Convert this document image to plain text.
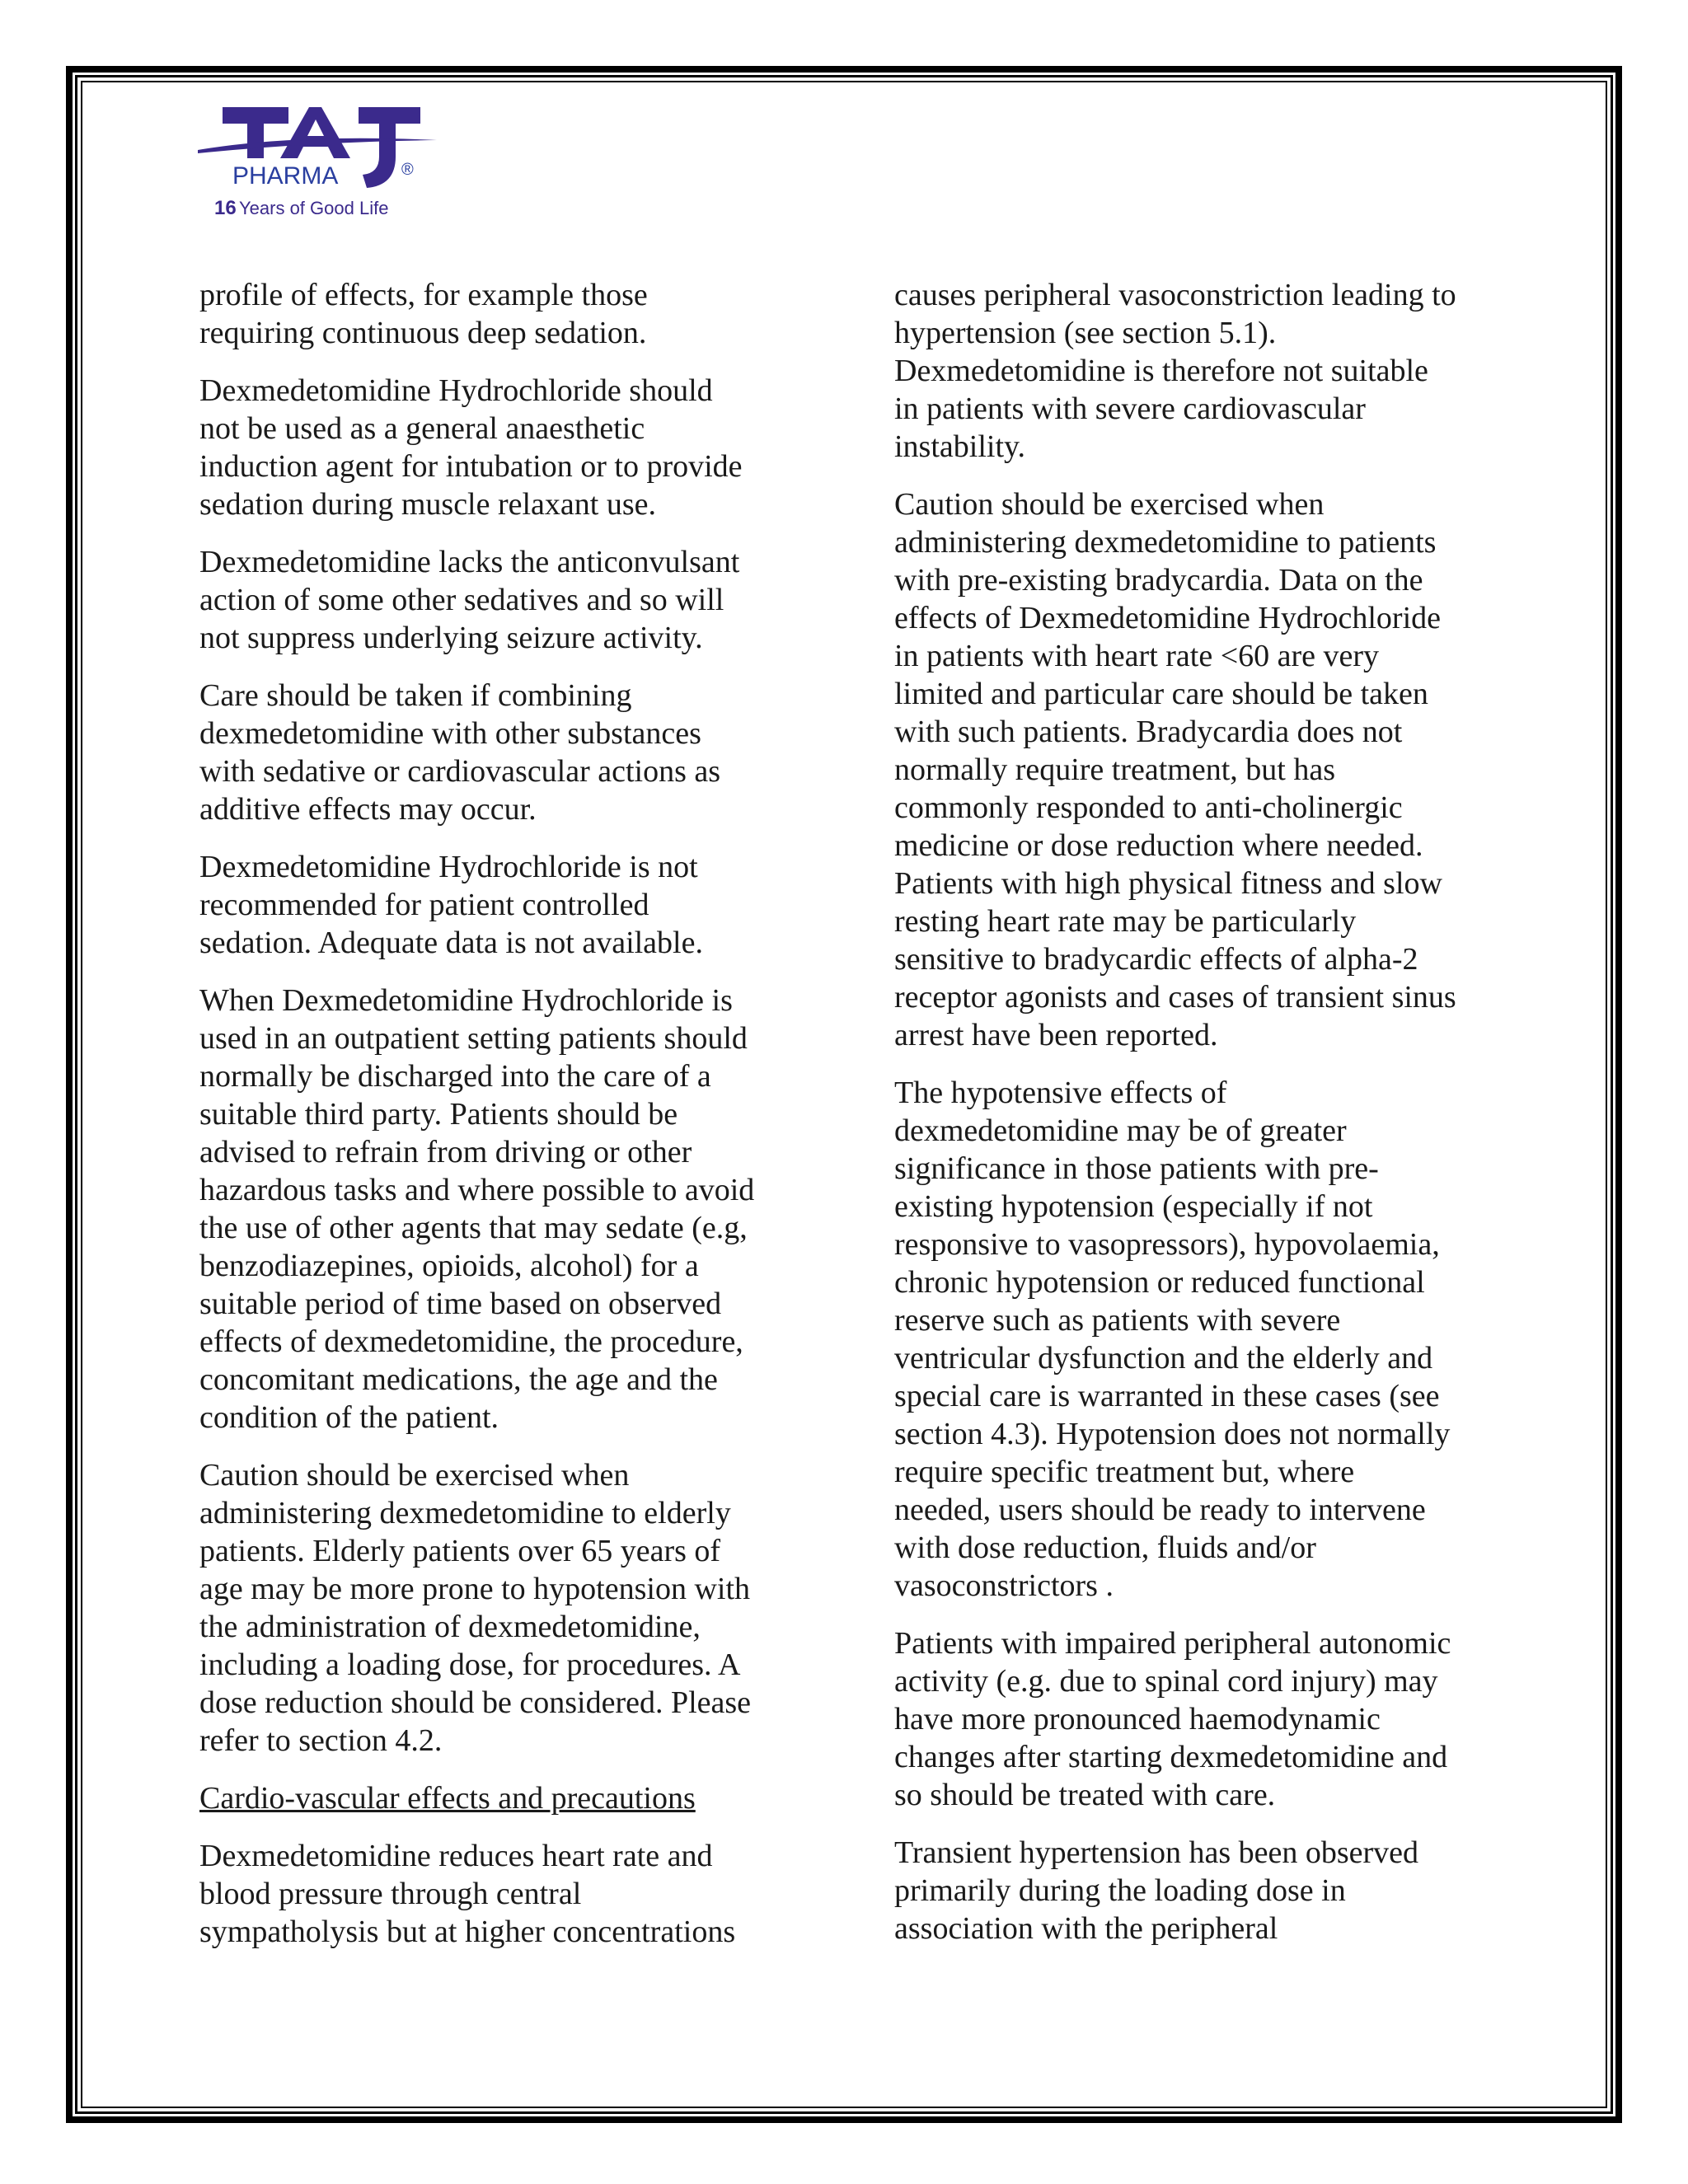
PHARMA	®
16 Years of Good Life

profile of effects, for example those
requiring continuous deep sedation.

Dexmedetomidine Hydrochloride should
not be used as a general anaesthetic
induction agent for intubation or to provide
sedation during muscle relaxant use.

Dexmedetomidine lacks the anticonvulsant
action of some other sedatives and so will
not suppress underlying seizure activity.

Care should be taken if combining
dexmedetomidine with other substances
with sedative or cardiovascular actions as
additive effects may occur.

Dexmedetomidine Hydrochloride is not
recommended for patient controlled
sedation. Adequate data is not available.

When Dexmedetomidine Hydrochloride is
used in an outpatient setting patients should
normally be discharged into the care of a
suitable third party. Patients should be
advised to refrain from driving or other
hazardous tasks and where possible to avoid
the use of other agents that may sedate (e.g,
benzodiazepines, opioids, alcohol) for a
suitable period of time based on observed
effects of dexmedetomidine, the procedure,
concomitant medications, the age and the
condition of the patient.

Caution should be exercised when
administering dexmedetomidine to elderly
patients. Elderly patients over 65 years of
age may be more prone to hypotension with
the administration of dexmedetomidine,
including a loading dose, for procedures. A
dose reduction should be considered. Please
refer to section 4.2.

Cardio-vascular effects and precautions

Dexmedetomidine reduces heart rate and
blood pressure through central
sympatholysis but at higher concentrations

causes peripheral vasoconstriction leading to
hypertension (see section 5.1).
Dexmedetomidine is therefore not suitable
in patients with severe cardiovascular
instability.

Caution should be exercised when
administering dexmedetomidine to patients
with pre-existing bradycardia. Data on the
effects of Dexmedetomidine Hydrochloride
in patients with heart rate <60 are very
limited and particular care should be taken
with such patients. Bradycardia does not
normally require treatment, but has
commonly responded to anti-cholinergic
medicine or dose reduction where needed.
Patients with high physical fitness and slow
resting heart rate may be particularly
sensitive to bradycardic effects of alpha-2
receptor agonists and cases of transient sinus
arrest have been reported.

The hypotensive effects of
dexmedetomidine may be of greater
significance in those patients with pre-
existing hypotension (especially if not
responsive to vasopressors), hypovolaemia,
chronic hypotension or reduced functional
reserve such as patients with severe
ventricular dysfunction and the elderly and
special care is warranted in these cases (see
section 4.3). Hypotension does not normally
require specific treatment but, where
needed, users should be ready to intervene
with dose reduction, fluids and/or
vasoconstrictors .

Patients with impaired peripheral autonomic
activity (e.g. due to spinal cord injury) may
have more pronounced haemodynamic
changes after starting dexmedetomidine and
so should be treated with care.

Transient hypertension has been observed
primarily during the loading dose in
association with the peripheral
